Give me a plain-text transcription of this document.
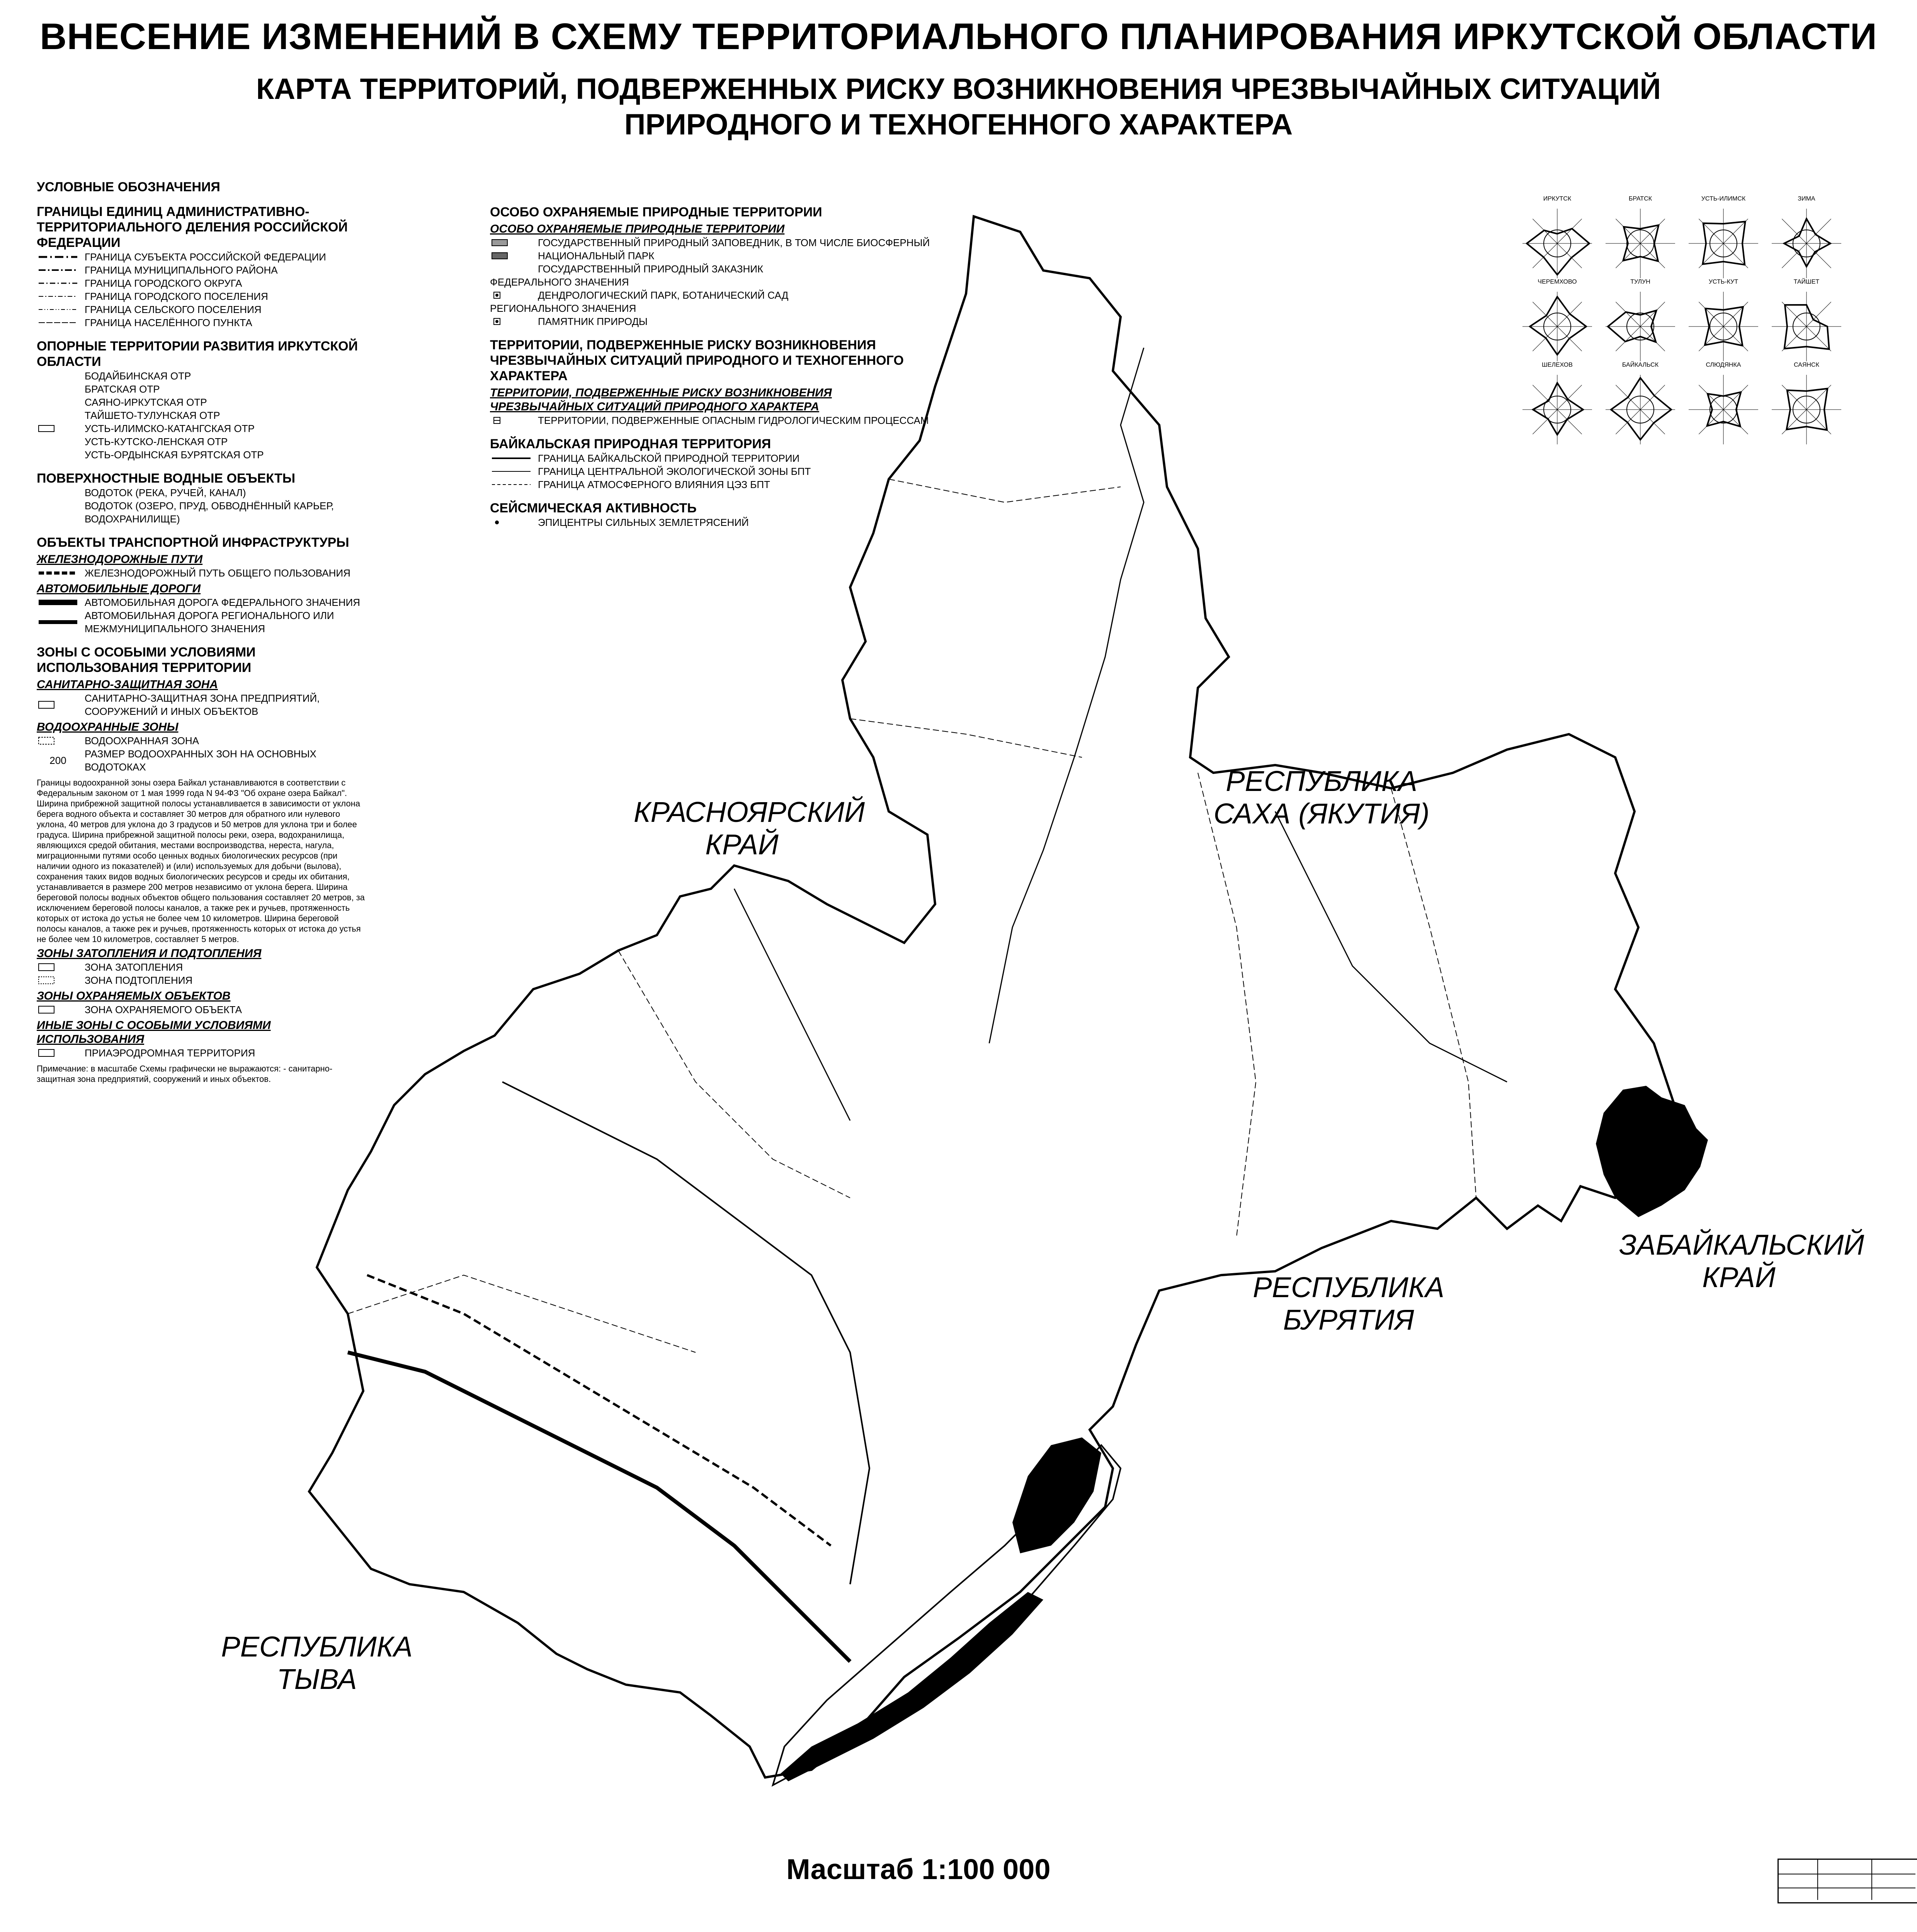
ВНЕСЕНИЕ ИЗМЕНЕНИЙ В СХЕМУ ТЕРРИТОРИАЛЬНОГО ПЛАНИРОВАНИЯ ИРКУТСКОЙ ОБЛАСТИ
КАРТА ТЕРРИТОРИЙ, ПОДВЕРЖЕННЫХ РИСКУ ВОЗНИКНОВЕНИЯ ЧРЕЗВЫЧАЙНЫХ СИТУАЦИЙ
ПРИРОДНОГО И ТЕХНОГЕННОГО ХАРАКТЕРА
УСЛОВНЫЕ ОБОЗНАЧЕНИЯ
ГРАНИЦЫ ЕДИНИЦ АДМИНИСТРАТИВНО-ТЕРРИТОРИАЛЬНОГО ДЕЛЕНИЯ РОССИЙСКОЙ ФЕДЕРАЦИИ
ГРАНИЦА СУБЪЕКТА РОССИЙСКОЙ ФЕДЕРАЦИИ
ГРАНИЦА МУНИЦИПАЛЬНОГО РАЙОНА
ГРАНИЦА ГОРОДСКОГО ОКРУГА
ГРАНИЦА ГОРОДСКОГО ПОСЕЛЕНИЯ
ГРАНИЦА СЕЛЬСКОГО ПОСЕЛЕНИЯ
ГРАНИЦА НАСЕЛЁННОГО ПУНКТА
ОПОРНЫЕ ТЕРРИТОРИИ РАЗВИТИЯ ИРКУТСКОЙ ОБЛАСТИ
БОДАЙБИНСКАЯ ОТР
БРАТСКАЯ ОТР
САЯНО-ИРКУТСКАЯ ОТР
ТАЙШЕТО-ТУЛУНСКАЯ ОТР
УСТЬ-ИЛИМСКО-КАТАНГСКАЯ ОТР
УСТЬ-КУТСКО-ЛЕНСКАЯ ОТР
УСТЬ-ОРДЫНСКАЯ БУРЯТСКАЯ ОТР
ПОВЕРХНОСТНЫЕ ВОДНЫЕ ОБЪЕКТЫ
ВОДОТОК (РЕКА, РУЧЕЙ, КАНАЛ)
ВОДОТОК (ОЗЕРО, ПРУД, ОБВОДНЁННЫЙ КАРЬЕР, ВОДОХРАНИЛИЩЕ)
ОБЪЕКТЫ ТРАНСПОРТНОЙ ИНФРАСТРУКТУРЫ
ЖЕЛЕЗНОДОРОЖНЫЕ ПУТИ
ЖЕЛЕЗНОДОРОЖНЫЙ ПУТЬ ОБЩЕГО ПОЛЬЗОВАНИЯ
АВТОМОБИЛЬНЫЕ ДОРОГИ
АВТОМОБИЛЬНАЯ ДОРОГА ФЕДЕРАЛЬНОГО ЗНАЧЕНИЯ
АВТОМОБИЛЬНАЯ ДОРОГА РЕГИОНАЛЬНОГО ИЛИ МЕЖМУНИЦИПАЛЬНОГО ЗНАЧЕНИЯ
ЗОНЫ С ОСОБЫМИ УСЛОВИЯМИ ИСПОЛЬЗОВАНИЯ ТЕРРИТОРИИ
САНИТАРНО-ЗАЩИТНАЯ ЗОНА
САНИТАРНО-ЗАЩИТНАЯ ЗОНА ПРЕДПРИЯТИЙ, СООРУЖЕНИЙ И ИНЫХ ОБЪЕКТОВ
ВОДООХРАННЫЕ ЗОНЫ
ВОДООХРАННАЯ ЗОНА
200
РАЗМЕР ВОДООХРАННЫХ ЗОН НА ОСНОВНЫХ ВОДОТОКАХ
Границы водоохранной зоны озера Байкал устанавливаются в соответствии с Федеральным законом от 1 мая 1999 года N 94-ФЗ "Об охране озера Байкал". Ширина прибрежной защитной полосы устанавливается в зависимости от уклона берега водного объекта и составляет 30 метров для обратного или нулевого уклона, 40 метров для уклона до 3 градусов и 50 метров для уклона три и более градуса. Ширина прибрежной защитной полосы реки, озера, водохранилища, являющихся средой обитания, местами воспроизводства, нереста, нагула, миграционными путями особо ценных водных биологических ресурсов (при наличии одного из показателей) и (или) используемых для добычи (вылова), сохранения таких видов водных биологических ресурсов и среды их обитания, устанавливается в размере 200 метров независимо от уклона берега. Ширина береговой полосы водных объектов общего пользования составляет 20 метров, за исключением береговой полосы каналов, а также рек и ручьев, протяженность которых от истока до устья не более чем 10 километров. Ширина береговой полосы каналов, а также рек и ручьев, протяженность которых от истока до устья не более чем 10 километров, составляет 5 метров.
ЗОНЫ ЗАТОПЛЕНИЯ И ПОДТОПЛЕНИЯ
ЗОНА ЗАТОПЛЕНИЯ
ЗОНА ПОДТОПЛЕНИЯ
ЗОНЫ ОХРАНЯЕМЫХ ОБЪЕКТОВ
ЗОНА ОХРАНЯЕМОГО ОБЪЕКТА
ИНЫЕ ЗОНЫ С ОСОБЫМИ УСЛОВИЯМИ ИСПОЛЬЗОВАНИЯ
ПРИАЭРОДРОМНАЯ ТЕРРИТОРИЯ
Примечание: в масштабе Схемы графически не выражаются: - санитарно-защитная зона предприятий, сооружений и иных объектов.
ОСОБО ОХРАНЯЕМЫЕ ПРИРОДНЫЕ ТЕРРИТОРИИ
ОСОБО ОХРАНЯЕМЫЕ ПРИРОДНЫЕ ТЕРРИТОРИИ
ГОСУДАРСТВЕННЫЙ ПРИРОДНЫЙ ЗАПОВЕДНИК, В ТОМ ЧИСЛЕ БИОСФЕРНЫЙ
НАЦИОНАЛЬНЫЙ ПАРК
ГОСУДАРСТВЕННЫЙ ПРИРОДНЫЙ ЗАКАЗНИК
ФЕДЕРАЛЬНОГО ЗНАЧЕНИЯ
ДЕНДРОЛОГИЧЕСКИЙ ПАРК, БОТАНИЧЕСКИЙ САД
РЕГИОНАЛЬНОГО ЗНАЧЕНИЯ
ПАМЯТНИК ПРИРОДЫ
ТЕРРИТОРИИ, ПОДВЕРЖЕННЫЕ РИСКУ ВОЗНИКНОВЕНИЯ ЧРЕЗВЫЧАЙНЫХ СИТУАЦИЙ ПРИРОДНОГО И ТЕХНОГЕННОГО ХАРАКТЕРА
ТЕРРИТОРИИ, ПОДВЕРЖЕННЫЕ РИСКУ ВОЗНИКНОВЕНИЯ ЧРЕЗВЫЧАЙНЫХ СИТУАЦИЙ ПРИРОДНОГО ХАРАКТЕРА
ТЕРРИТОРИИ, ПОДВЕРЖЕННЫЕ ОПАСНЫМ ГИДРОЛОГИЧЕСКИМ ПРОЦЕССАМ
БАЙКАЛЬСКАЯ ПРИРОДНАЯ ТЕРРИТОРИЯ
ГРАНИЦА БАЙКАЛЬСКОЙ ПРИРОДНОЙ ТЕРРИТОРИИ
ГРАНИЦА ЦЕНТРАЛЬНОЙ ЭКОЛОГИЧЕСКОЙ ЗОНЫ БПТ
ГРАНИЦА АТМОСФЕРНОГО ВЛИЯНИЯ ЦЭЗ БПТ
СЕЙСМИЧЕСКАЯ АКТИВНОСТЬ
ЭПИЦЕНТРЫ СИЛЬНЫХ ЗЕМЛЕТРЯСЕНИЙ
ИРКУТСК	БРАТСК	УСТЬ-ИЛИМСК	ЗИМА
ЧЕРЕМХОВО	ТУЛУН	УСТЬ-КУТ	ТАЙШЕТ
ШЕЛЕХОВ	БАЙКАЛЬСК	СЛЮДЯНКА	САЯНСК
КРАСНОЯРСКИЙ КРАЙ
РЕСПУБЛИКА САХА (ЯКУТИЯ)
ЗАБАЙКАЛЬСКИЙ КРАЙ
РЕСПУБЛИКА БУРЯТИЯ
РЕСПУБЛИКА ТЫВА
Масштаб 1:100 000
